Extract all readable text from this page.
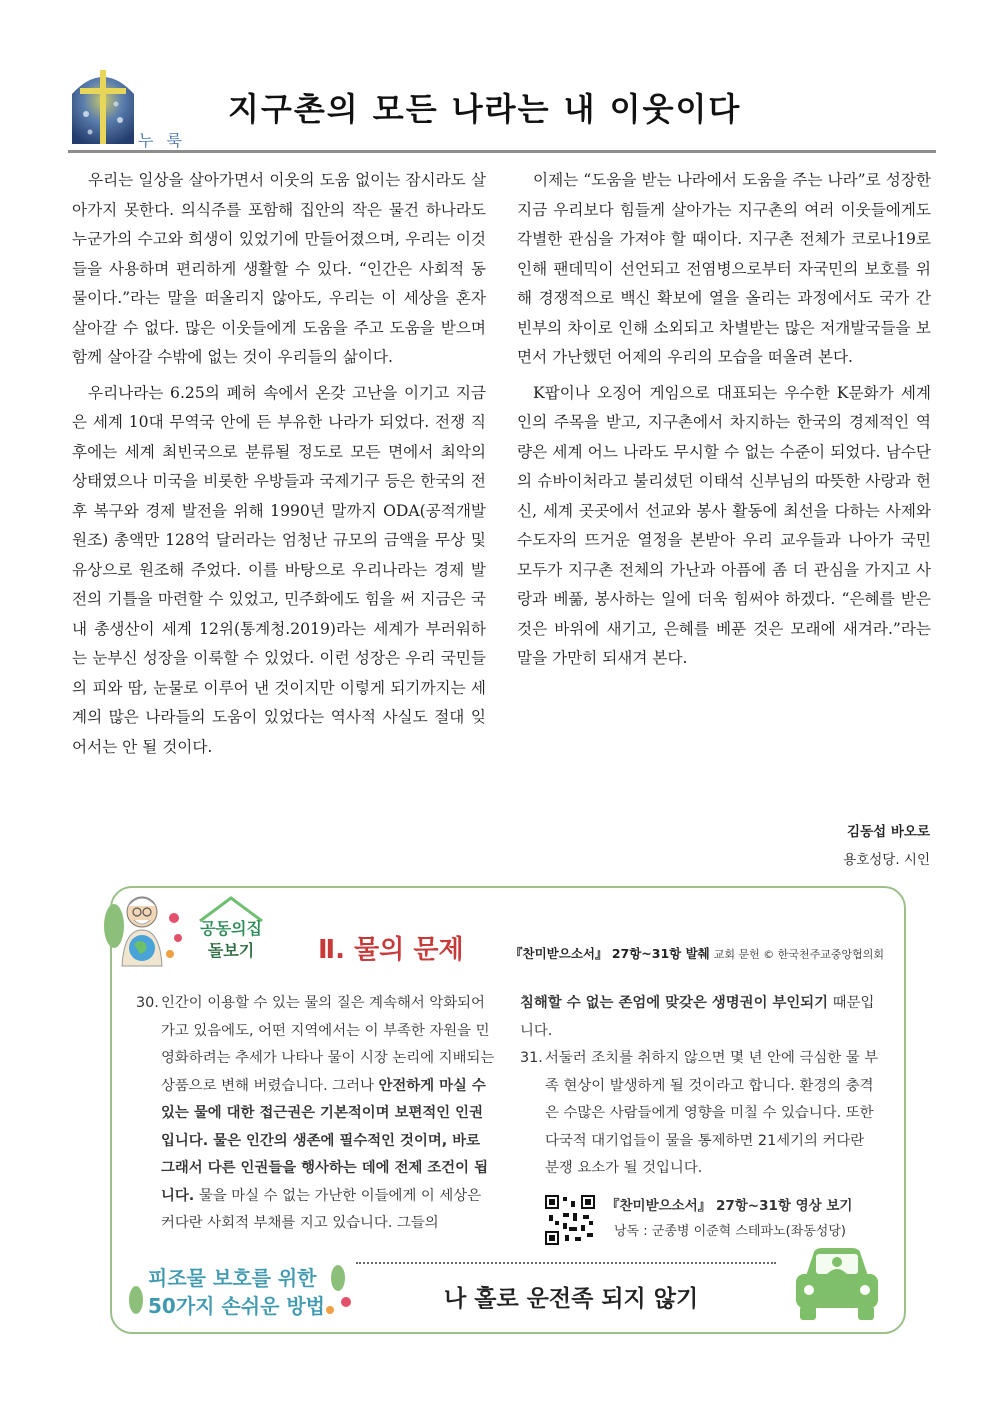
누 룩
지구촌의 모든 나라는 내 이웃이다

우리는 일상을 살아가면서 이웃의 도움 없이는 잠시라도 살아가지 못한다. 의식주를 포함해 집안의 작은 물건 하나라도 누군가의 수고와 희생이 있었기에 만들어졌으며, 우리는 이것들을 사용하며 편리하게 생활할 수 있다. “인간은 사회적 동물이다.”라는 말을 떠올리지 않아도, 우리는 이 세상을 혼자 살아갈 수 없다. 많은 이웃들에게 도움을 주고 도움을 받으며 함께 살아갈 수밖에 없는 것이 우리들의 삶이다.

우리나라는 6.25의 폐허 속에서 온갖 고난을 이기고 지금은 세계 10대 무역국 안에 든 부유한 나라가 되었다. 전쟁 직후에는 세계 최빈국으로 분류될 정도로 모든 면에서 최악의 상태였으나 미국을 비롯한 우방들과 국제기구 등은 한국의 전후 복구와 경제 발전을 위해 1990년 말까지 ODA(공적개발원조) 총액만 128억 달러라는 엄청난 규모의 금액을 무상 및 유상으로 원조해 주었다. 이를 바탕으로 우리나라는 경제 발전의 기틀을 마련할 수 있었고, 민주화에도 힘을 써 지금은 국내 총생산이 세계 12위(통계청.2019)라는 세계가 부러워하는 눈부신 성장을 이룩할 수 있었다. 이런 성장은 우리 국민들의 피와 땀, 눈물로 이루어 낸 것이지만 이렇게 되기까지는 세계의 많은 나라들의 도움이 있었다는 역사적 사실도 절대 잊어서는 안 될 것이다.

이제는 “도움을 받는 나라에서 도움을 주는 나라”로 성장한 지금 우리보다 힘들게 살아가는 지구촌의 여러 이웃들에게도 각별한 관심을 가져야 할 때이다. 지구촌 전체가 코로나19로 인해 팬데믹이 선언되고 전염병으로부터 자국민의 보호를 위해 경쟁적으로 백신 확보에 열을 올리는 과정에서도 국가 간 빈부의 차이로 인해 소외되고 차별받는 많은 저개발국들을 보면서 가난했던 어제의 우리의 모습을 떠올려 본다.

K팝이나 오징어 게임으로 대표되는 우수한 K문화가 세계인의 주목을 받고, 지구촌에서 차지하는 한국의 경제적인 역량은 세계 어느 나라도 무시할 수 없는 수준이 되었다. 남수단의 슈바이처라고 불리셨던 이태석 신부님의 따뜻한 사랑과 헌신, 세계 곳곳에서 선교와 봉사 활동에 최선을 다하는 사제와 수도자의 뜨거운 열정을 본받아 우리 교우들과 나아가 국민 모두가 지구촌 전체의 가난과 아픔에 좀 더 관심을 가지고 사랑과 베풂, 봉사하는 일에 더욱 힘써야 하겠다. “은혜를 받은 것은 바위에 새기고, 은혜를 베푼 것은 모래에 새겨라.”라는 말을 가만히 되새겨 본다.

김동섭 바오로
용호성당. 시인
공동의집
돌보기	Ⅱ. 물의 문제	『찬미받으소서』 27항~31항 발췌 교회 문헌 © 한국천주교중앙협의회
30. 인간이 이용할 수 있는 물의 질은 계속해서 악화되어 가고 있음에도, 어떤 지역에서는 이 부족한 자원을 민영화하려는 추세가 나타나 물이 시장 논리에 지배되는 상품으로 변해 버렸습니다. 그러나 안전하게 마실 수 있는 물에 대한 접근권은 기본적이며 보편적인 인권입니다. 물은 인간의 생존에 필수적인 것이며, 바로 그래서 다른 인권들을 행사하는 데에 전제 조건이 됩니다. 물을 마실 수 없는 가난한 이들에게 이 세상은 커다란 사회적 부채를 지고 있습니다. 그들의

침해할 수 없는 존엄에 맞갖은 생명권이 부인되기 때문입니다.

31. 서둘러 조치를 취하지 않으면 몇 년 안에 극심한 물 부족 현상이 발생하게 될 것이라고 합니다. 환경의 충격은 수많은 사람들에게 영향을 미칠 수 있습니다. 또한 다국적 대기업들이 물을 통제하면 21세기의 커다란 분쟁 요소가 될 것입니다.

『찬미받으소서』 27항~31항 영상 보기
낭독 : 군종병 이준혁 스테파노(좌동성당)
피조물 보호를 위한
50가지 손쉬운 방법	나 홀로 운전족 되지 않기
